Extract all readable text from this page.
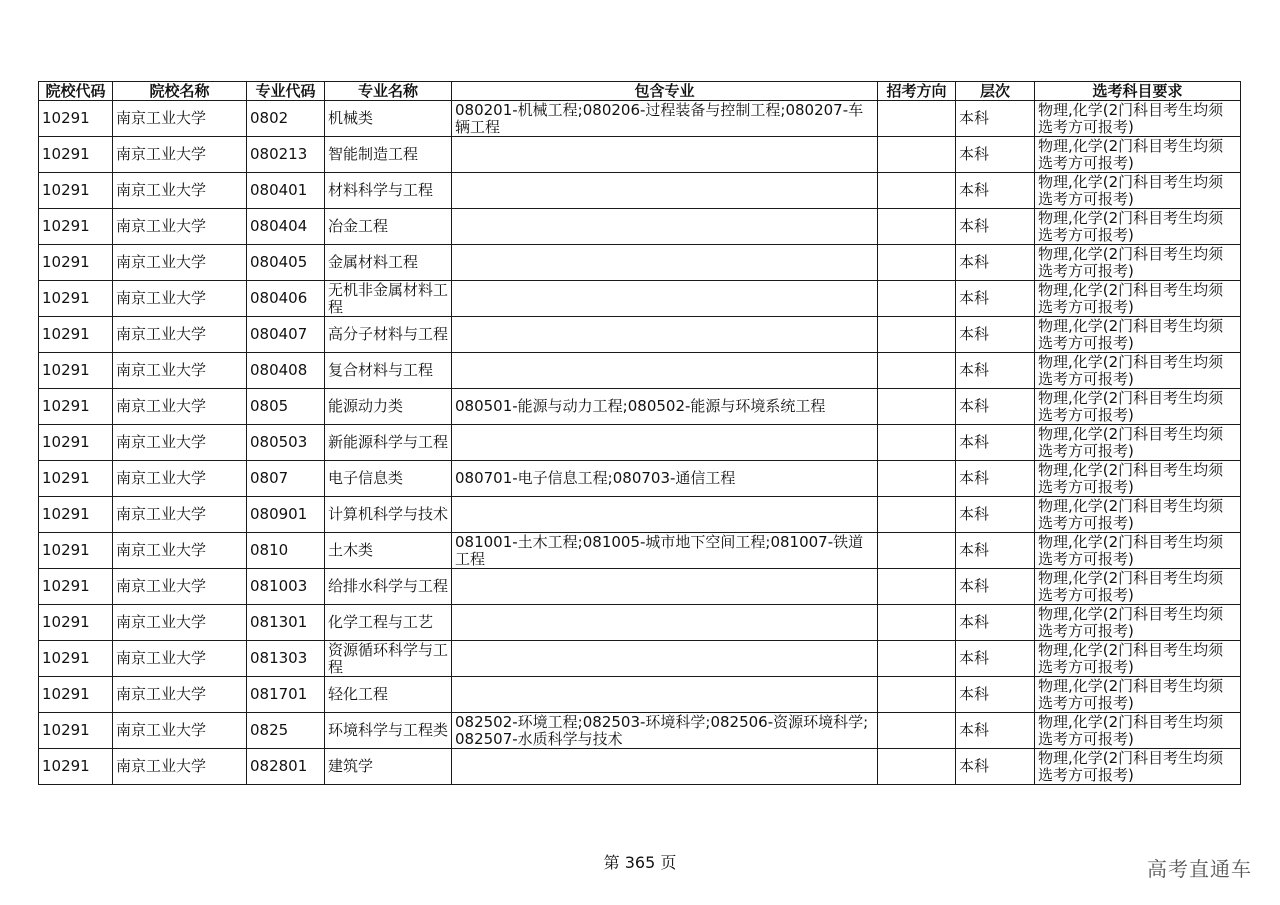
院校代码	院校名称	专业代码	专业名称	包含专业	招考方向	层次	选考科目要求
10291	南京工业大学	0802	机械类	080201-机械工程;080206-过程装备与控制工程;080207-车辆工程		本科	物理,化学(2门科目考生均须选考方可报考)
10291	南京工业大学	080213	智能制造工程			本科	物理,化学(2门科目考生均须选考方可报考)
10291	南京工业大学	080401	材料科学与工程			本科	物理,化学(2门科目考生均须选考方可报考)
10291	南京工业大学	080404	冶金工程			本科	物理,化学(2门科目考生均须选考方可报考)
10291	南京工业大学	080405	金属材料工程			本科	物理,化学(2门科目考生均须选考方可报考)
10291	南京工业大学	080406	无机非金属材料工程			本科	物理,化学(2门科目考生均须选考方可报考)
10291	南京工业大学	080407	高分子材料与工程			本科	物理,化学(2门科目考生均须选考方可报考)
10291	南京工业大学	080408	复合材料与工程			本科	物理,化学(2门科目考生均须选考方可报考)
10291	南京工业大学	0805	能源动力类	080501-能源与动力工程;080502-能源与环境系统工程		本科	物理,化学(2门科目考生均须选考方可报考)
10291	南京工业大学	080503	新能源科学与工程			本科	物理,化学(2门科目考生均须选考方可报考)
10291	南京工业大学	0807	电子信息类	080701-电子信息工程;080703-通信工程		本科	物理,化学(2门科目考生均须选考方可报考)
10291	南京工业大学	080901	计算机科学与技术			本科	物理,化学(2门科目考生均须选考方可报考)
10291	南京工业大学	0810	土木类	081001-土木工程;081005-城市地下空间工程;081007-铁道工程		本科	物理,化学(2门科目考生均须选考方可报考)
10291	南京工业大学	081003	给排水科学与工程			本科	物理,化学(2门科目考生均须选考方可报考)
10291	南京工业大学	081301	化学工程与工艺			本科	物理,化学(2门科目考生均须选考方可报考)
10291	南京工业大学	081303	资源循环科学与工程			本科	物理,化学(2门科目考生均须选考方可报考)
10291	南京工业大学	081701	轻化工程			本科	物理,化学(2门科目考生均须选考方可报考)
10291	南京工业大学	0825	环境科学与工程类	082502-环境工程;082503-环境科学;082506-资源环境科学;082507-水质科学与技术		本科	物理,化学(2门科目考生均须选考方可报考)
10291	南京工业大学	082801	建筑学			本科	物理,化学(2门科目考生均须选考方可报考)
第 365 页	高考直通车
